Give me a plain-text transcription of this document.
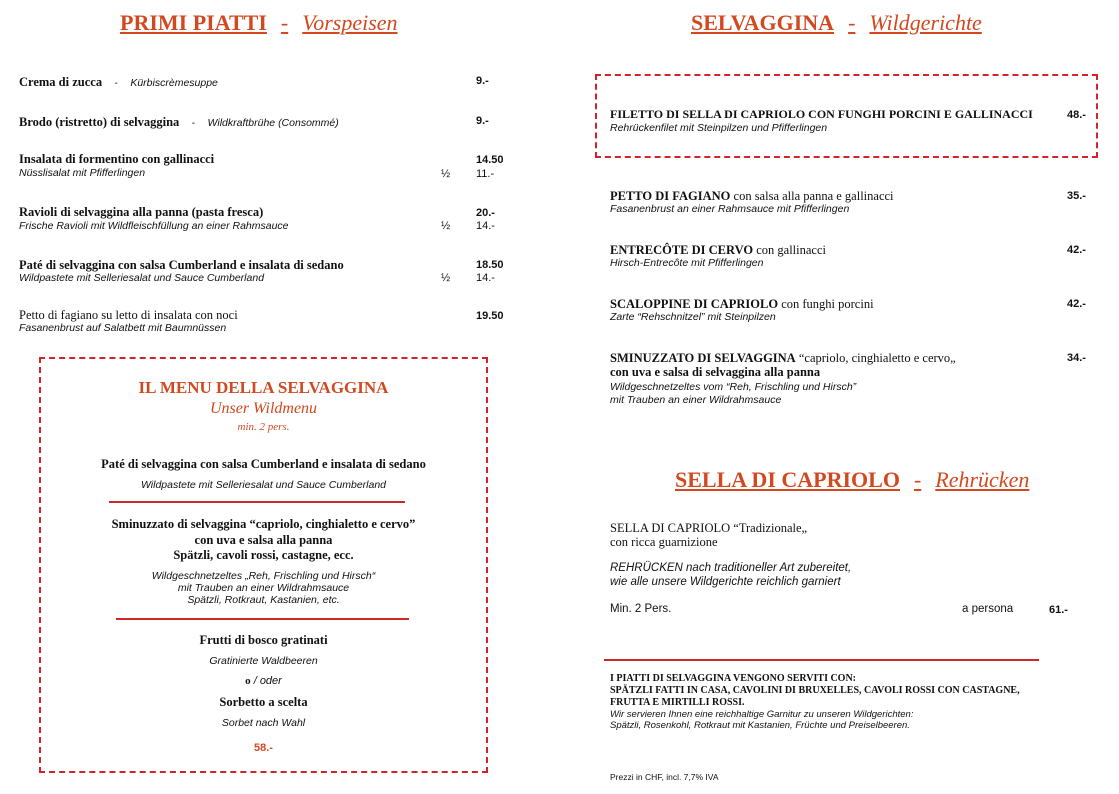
PRIMI PIATTI - Vorspeisen
Crema di zucca - Kürbiscrèmesuppe	9.-
Brodo (ristretto) di selvaggina - Wildkraftbrühe (Consommé)	9.-
Insalata di formentino con gallinacci
Nüsslisalat mit Pfifferlingen
14.50
½ 11.-
Ravioli di selvaggina alla panna (pasta fresca)
Frische Ravioli mit Wildfleischfüllung an einer Rahmsauce
20.-
½ 14.-
Paté di selvaggina con salsa Cumberland e insalata di sedano
Wildpastete mit Selleriesalat und Sauce Cumberland
18.50
½ 14.-
Petto di fagiano su letto di insalata con noci
Fasanenbrust auf Salatbett mit Baumnüssen
19.50
IL MENU DELLA SELVAGGINA
Unser Wildmenu
min. 2 pers.
Paté di selvaggina con salsa Cumberland e insalata di sedano
Wildpastete mit Selleriesalat und Sauce Cumberland
Sminuzzato di selvaggina “capriolo, cinghialetto e cervo”
con uva e salsa alla panna
Spätzli, cavoli rossi, castagne, ecc.
Wildgeschnetzeltes „Reh, Frischling und Hirsch“
mit Trauben an einer Wildrahmsauce
Spätzli, Rotkraut, Kastanien, etc.
Frutti di bosco gratinati
Gratinierte Waldbeeren
o / oder
Sorbetto a scelta
Sorbet nach Wahl
58.-
SELVAGGINA - Wildgerichte
FILETTO DI SELLA DI CAPRIOLO CON FUNGHI PORCINI E GALLINACCI
Rehrückenfilet mit Steinpilzen und Pfifferlingen
48.-
PETTO DI FAGIANO con salsa alla panna e gallinacci
Fasanenbrust an einer Rahmsauce mit Pfifferlingen
35.-
ENTRECÔTE DI CERVO con gallinacci
Hirsch-Entrecôte mit Pfifferlingen
42.-
SCALOPPINE DI CAPRIOLO con funghi porcini
Zarte “Rehschnitzel” mit Steinpilzen
42.-
SMINUZZATO DI SELVAGGINA “capriolo, cinghialetto e cervo„
con uva e salsa di selvaggina alla panna
Wildgeschnetzeltes vom “Reh, Frischling und Hirsch”
mit Trauben an einer Wildrahmsauce
34.-
SELLA DI CAPRIOLO - Rehrücken
SELLA DI CAPRIOLO “Tradizionale„
con ricca guarnizione
REHRÜCKEN nach traditioneller Art zubereitet,
wie alle unsere Wildgerichte reichlich garniert
Min. 2 Pers.	a persona	61.-
I PIATTI DI SELVAGGINA VENGONO SERVITI CON:
SPÄTZLI FATTI IN CASA, CAVOLINI DI BRUXELLES, CAVOLI ROSSI CON CASTAGNE,
FRUTTA E MIRTILLI ROSSI.
Wir servieren Ihnen eine reichhaltige Garnitur zu unseren Wildgerichten:
Spätzli, Rosenkohl, Rotkraut mit Kastanien, Früchte und Preiselbeeren.
Prezzi in CHF, incl. 7,7% IVA
